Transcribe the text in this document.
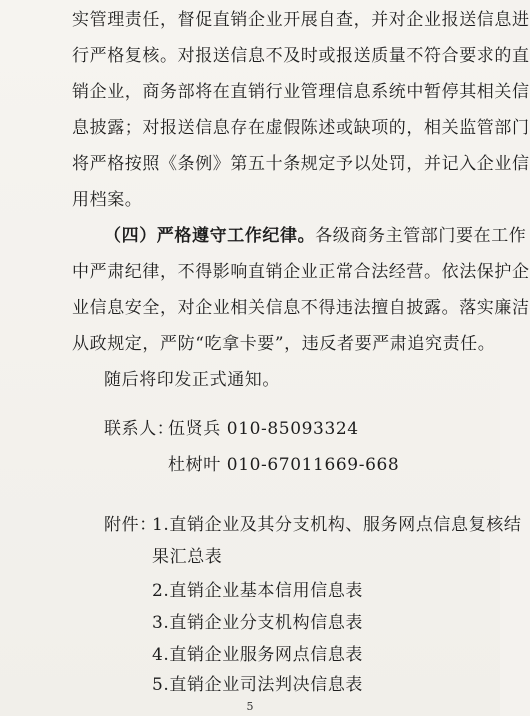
实管理责任，督促直销企业开展自查，并对企业报送信息进
行严格复核。对报送信息不及时或报送质量不符合要求的直
销企业，商务部将在直销行业管理信息系统中暂停其相关信
息披露；对报送信息存在虚假陈述或缺项的，相关监管部门
将严格按照《条例》第五十条规定予以处罚，并记入企业信
用档案。
（四）严格遵守工作纪律。各级商务主管部门要在工作
中严肃纪律，不得影响直销企业正常合法经营。依法保护企
业信息安全，对企业相关信息不得违法擅自披露。落实廉洁
从政规定，严防“吃拿卡要”，违反者要严肃追究责任。
随后将印发正式通知。
联系人：
伍贤兵 010-85093324
杜树叶 010-67011669-668
附件：
1.直销企业及其分支机构、服务网点信息复核结
果汇总表
2.直销企业基本信用信息表
3.直销企业分支机构信息表
4.直销企业服务网点信息表
5.直销企业司法判决信息表
5
